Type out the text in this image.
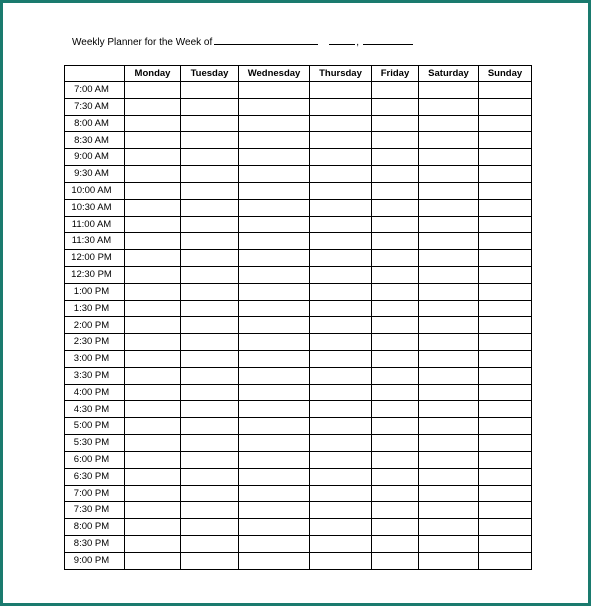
Weekly Planner for the Week of	,
	Monday	Tuesday	Wednesday	Thursday	Friday	Saturday	Sunday
7:00 AM							
7:30 AM							
8:00 AM							
8:30 AM							
9:00 AM							
9:30 AM							
10:00 AM							
10:30 AM							
11:00 AM							
11:30 AM							
12:00 PM							
12:30 PM							
1:00 PM							
1:30 PM							
2:00 PM							
2:30 PM							
3:00 PM							
3:30 PM							
4:00 PM							
4:30 PM							
5:00 PM							
5:30 PM							
6:00 PM							
6:30 PM							
7:00 PM							
7:30 PM							
8:00 PM							
8:30 PM							
9:00 PM							
